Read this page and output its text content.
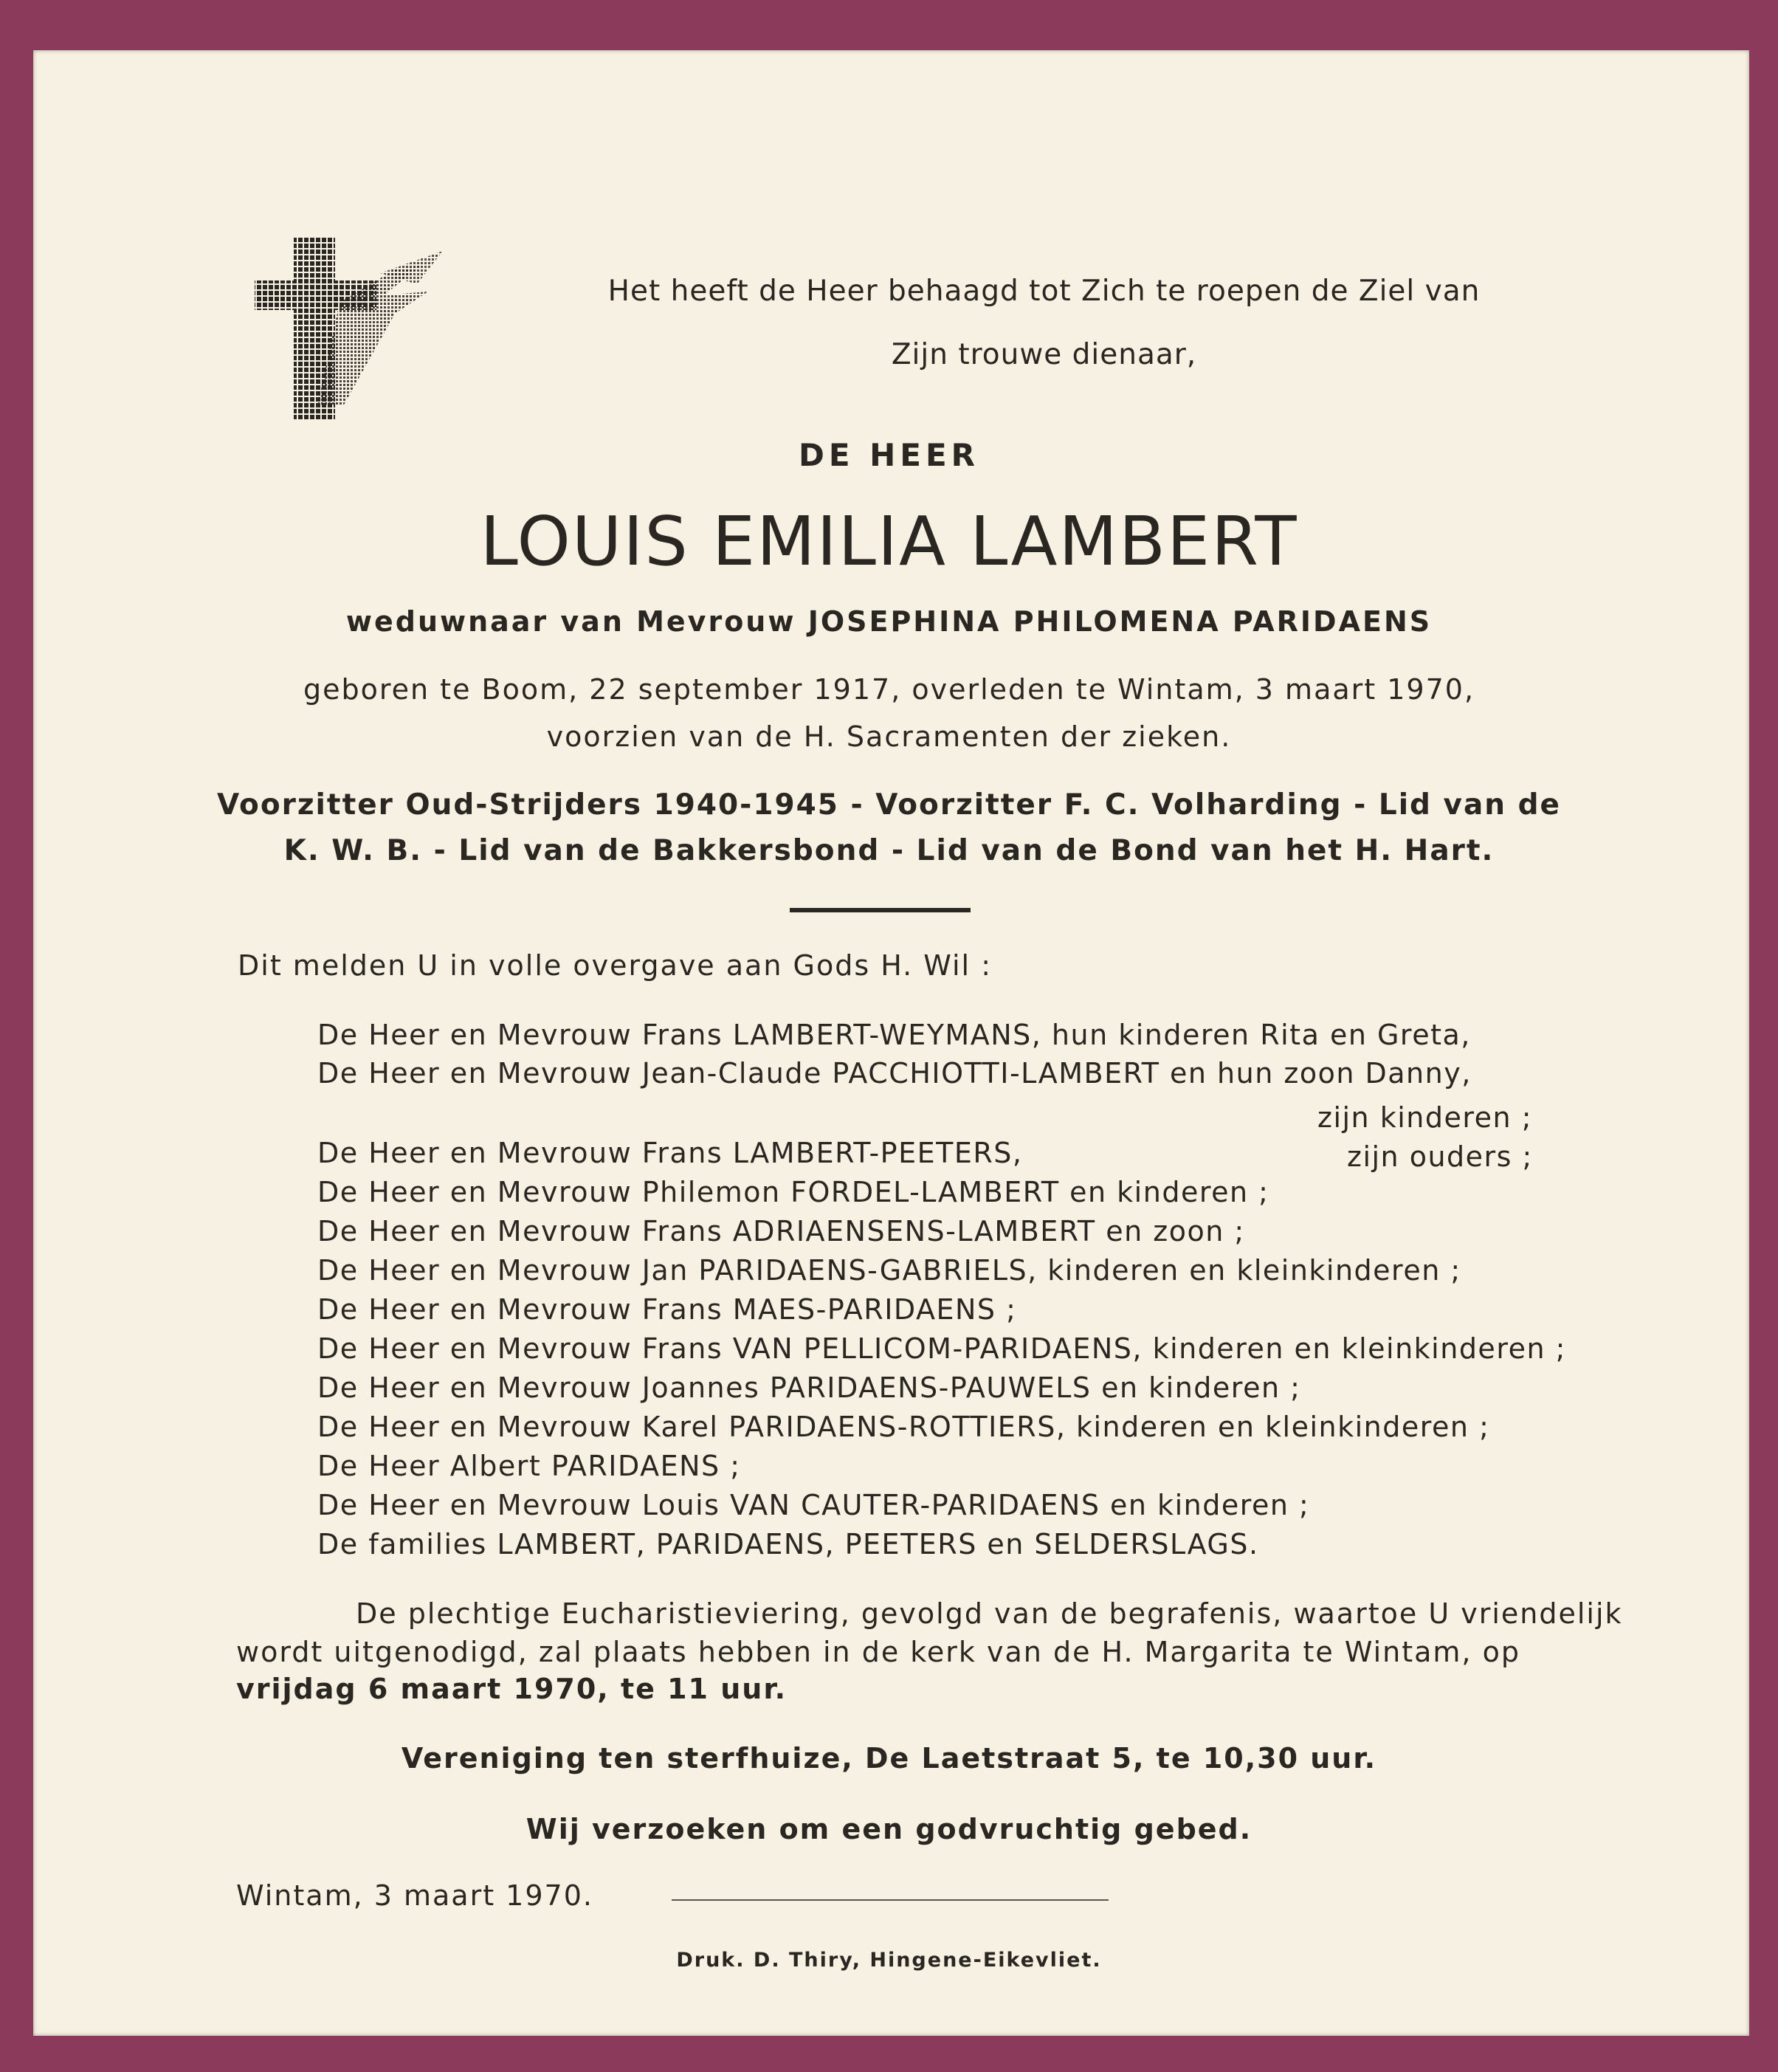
Het heeft de Heer behaagd tot Zich te roepen de Ziel van
Zijn trouwe dienaar,
DE HEER
LOUIS EMILIA LAMBERT
weduwnaar van Mevrouw JOSEPHINA PHILOMENA PARIDAENS
geboren te Boom, 22 september 1917, overleden te Wintam, 3 maart 1970,
voorzien van de H. Sacramenten der zieken.
Voorzitter Oud-Strijders 1940-1945 - Voorzitter F. C. Volharding - Lid van de
K. W. B. - Lid van de Bakkersbond - Lid van de Bond van het H. Hart.
Dit melden U in volle overgave aan Gods H. Wil :
De Heer en Mevrouw Frans LAMBERT-WEYMANS, hun kinderen Rita en Greta,
De Heer en Mevrouw Jean-Claude PACCHIOTTI-LAMBERT en hun zoon Danny,
zijn kinderen ;
De Heer en Mevrouw Frans LAMBERT-PEETERS,	zijn ouders ;
De Heer en Mevrouw Philemon FORDEL-LAMBERT en kinderen ;
De Heer en Mevrouw Frans ADRIAENSENS-LAMBERT en zoon ;
De Heer en Mevrouw Jan PARIDAENS-GABRIELS, kinderen en kleinkinderen ;
De Heer en Mevrouw Frans MAES-PARIDAENS ;
De Heer en Mevrouw Frans VAN PELLICOM-PARIDAENS, kinderen en kleinkinderen ;
De Heer en Mevrouw Joannes PARIDAENS-PAUWELS en kinderen ;
De Heer en Mevrouw Karel PARIDAENS-ROTTIERS, kinderen en kleinkinderen ;
De Heer Albert PARIDAENS ;
De Heer en Mevrouw Louis VAN CAUTER-PARIDAENS en kinderen ;
De families LAMBERT, PARIDAENS, PEETERS en SELDERSLAGS.
De plechtige Eucharistieviering, gevolgd van de begrafenis, waartoe U vriendelijk
wordt uitgenodigd, zal plaats hebben in de kerk van de H. Margarita te Wintam, op
vrijdag 6 maart 1970, te 11 uur.
Vereniging ten sterfhuize, De Laetstraat 5, te 10,30 uur.
Wij verzoeken om een godvruchtig gebed.
Wintam, 3 maart 1970.
Druk. D. Thiry, Hingene-Eikevliet.
